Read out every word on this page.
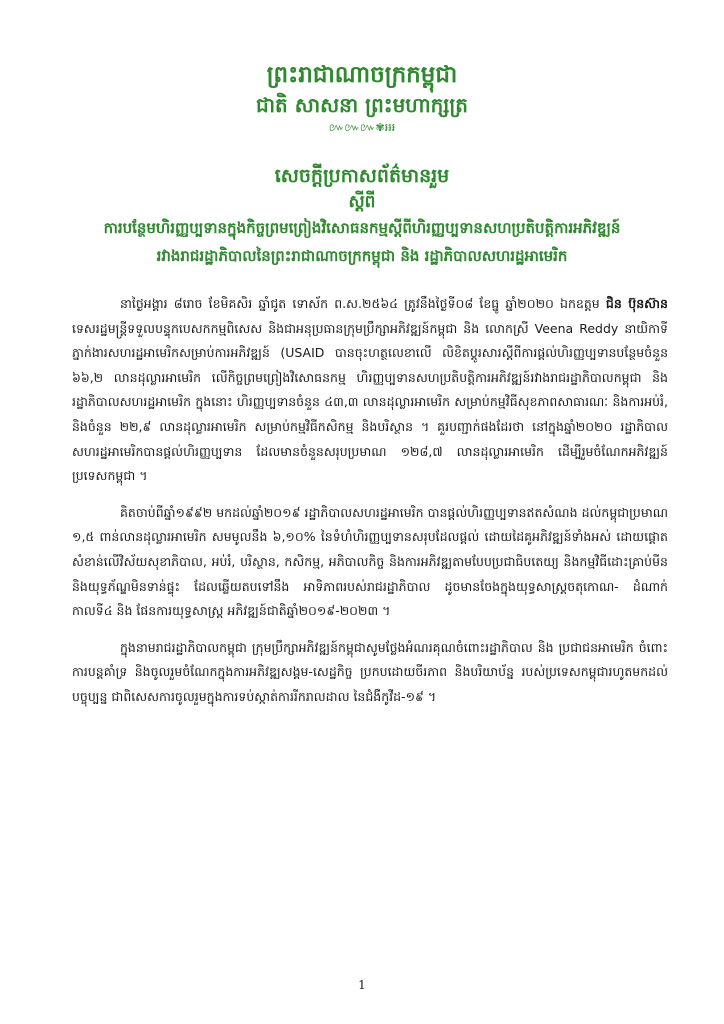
ព្រះរាជាណាចក្រកម្ពុជា
ជាតិ សាសនា ព្រះមហាក្សត្រ
៚៚៚✾៛៛៛
សេចក្តីប្រកាសព័ត៌មានរួម
ស្តីពី
ការបន្ថែមហិរញ្ញប្បទានក្នុងកិច្ចព្រមព្រៀងវិសោធនកម្មស្តីពីហិរញ្ញប្បទានសហប្រតិបត្តិការអភិវឌ្ឍន៍
រវាងរាជរដ្ឋាភិបាលនៃព្រះរាជាណាចក្រកម្ពុជា និង រដ្ឋាភិបាលសហរដ្ឋអាមេរិក

នាថ្ងៃអង្គារ ៨រោច ខែមិគសិរ ឆ្នាំជូត ទោស័ក ព.ស.២៥៦៤ ត្រូវនឹងថ្ងៃទី០៨ ខែធ្នូ ឆ្នាំ២០២០ ឯកឧត្តម ជិន ប៊ុនស៊ាន ទេសរដ្ឋមន្ត្រីទទួលបន្ទុកបេសកកម្មពិសេស និងជាអនុប្រធានក្រុមប្រឹក្សាអភិវឌ្ឍន៍កម្ពុជា និង លោកស្រី Veena Reddy នាយិកាទីភ្នាក់ងារសហរដ្ឋអាមេរិកសម្រាប់ការអភិវឌ្ឍន៍ (USAID បានចុះហត្ថលេខាលើ លិខិតប្តូរសារស្តីពីការផ្តល់ហិរញ្ញប្បទានបន្ថែមចំនួន ៦៦,២ លានដុល្លារអាមេរិក លើកិច្ចព្រមព្រៀងវិសោធនកម្ម ហិរញ្ញប្បទានសហប្រតិបត្តិការអភិវឌ្ឍន៍រវាងរាជរដ្ឋាភិបាលកម្ពុជា និងរដ្ឋាភិបាលសហរដ្ឋអាមេរិក ក្នុងនោះ ហិរញ្ញប្បទានចំនួន ៤៣,៣ លានដុល្លារអាមេរិក សម្រាប់កម្មវិធីសុខភាពសាធារណៈ និងការអប់រំ, និងចំនួន ២២,៩ លានដុល្លារអាមេរិក សម្រាប់កម្មវិធីកសិកម្ម និងបរិស្ថាន ។ គួរបញ្ជាក់ផងដែរថា នៅក្នុងឆ្នាំ២០២០ រដ្ឋាភិបាលសហរដ្ឋអាមេរិកបានផ្តល់ហិរញ្ញប្បទាន ដែលមានចំនួនសរុបប្រមាណ ១២៨,៧ លានដុល្លារអាមេរិក ដើម្បីរួមចំណែកអភិវឌ្ឍន៍ប្រទេសកម្ពុជា ។

គិតចាប់ពីឆ្នាំ១៩៩២ មកដល់ឆ្នាំ២០១៩ រដ្ឋាភិបាលសហរដ្ឋអាមេរិក បានផ្តល់ហិរញ្ញប្បទានឥតសំណង ដល់កម្ពុជាប្រមាណ ១,៥ ពាន់លានដុល្លារអាមេរិក សមមូលនឹង ៦,១០% នៃទំហំហិរញ្ញប្បទានសរុបដែលផ្តល់ ដោយដៃគូអភិវឌ្ឍន៍ទាំងអស់ ដោយផ្តោតសំខាន់លើវិស័យសុខាភិបាល, អប់រំ, បរិស្ថាន, កសិកម្ម, អភិបាលកិច្ច និងការអភិវឌ្ឍតាមបែបប្រជាធិបតេយ្យ និងកម្មវិធីដោះគ្រាប់មីន និងយុទ្ធភ័ណ្ឌមិនទាន់ផ្ទុះ ដែលឆ្លើយតបទៅនឹង អាទិភាពរបស់រាជរដ្ឋាភិបាល ដូចមានចែងក្នុងយុទ្ធសាស្ត្រចតុកោណ- ដំណាក់កាលទី៤ និង ផែនការយុទ្ធសាស្ត្រ អភិវឌ្ឍន៍ជាតិឆ្នាំ២០១៩-២០២៣ ។

ក្នុងនាមរាជរដ្ឋាភិបាលកម្ពុជា ក្រុមប្រឹក្សាអភិវឌ្ឍន៍កម្ពុជាសូមថ្លែងអំណរគុណចំពោះរដ្ឋាភិបាល និង ប្រជាជនអាមេរិក ចំពោះការបន្តគាំទ្រ និងចូលរួមចំណែកក្នុងការអភិវឌ្ឍសង្គម-សេដ្ឋកិច្ច ប្រកបដោយចីរភាព និងបរិយាប័ន្ន របស់ប្រទេសកម្ពុជារហូតមកដល់បច្ចុប្បន្ន ជាពិសេសការចូលរួមក្នុងការទប់ស្កាត់ការរីករាលដាល នៃជំងឺកូវីដ-១៩ ។

1
